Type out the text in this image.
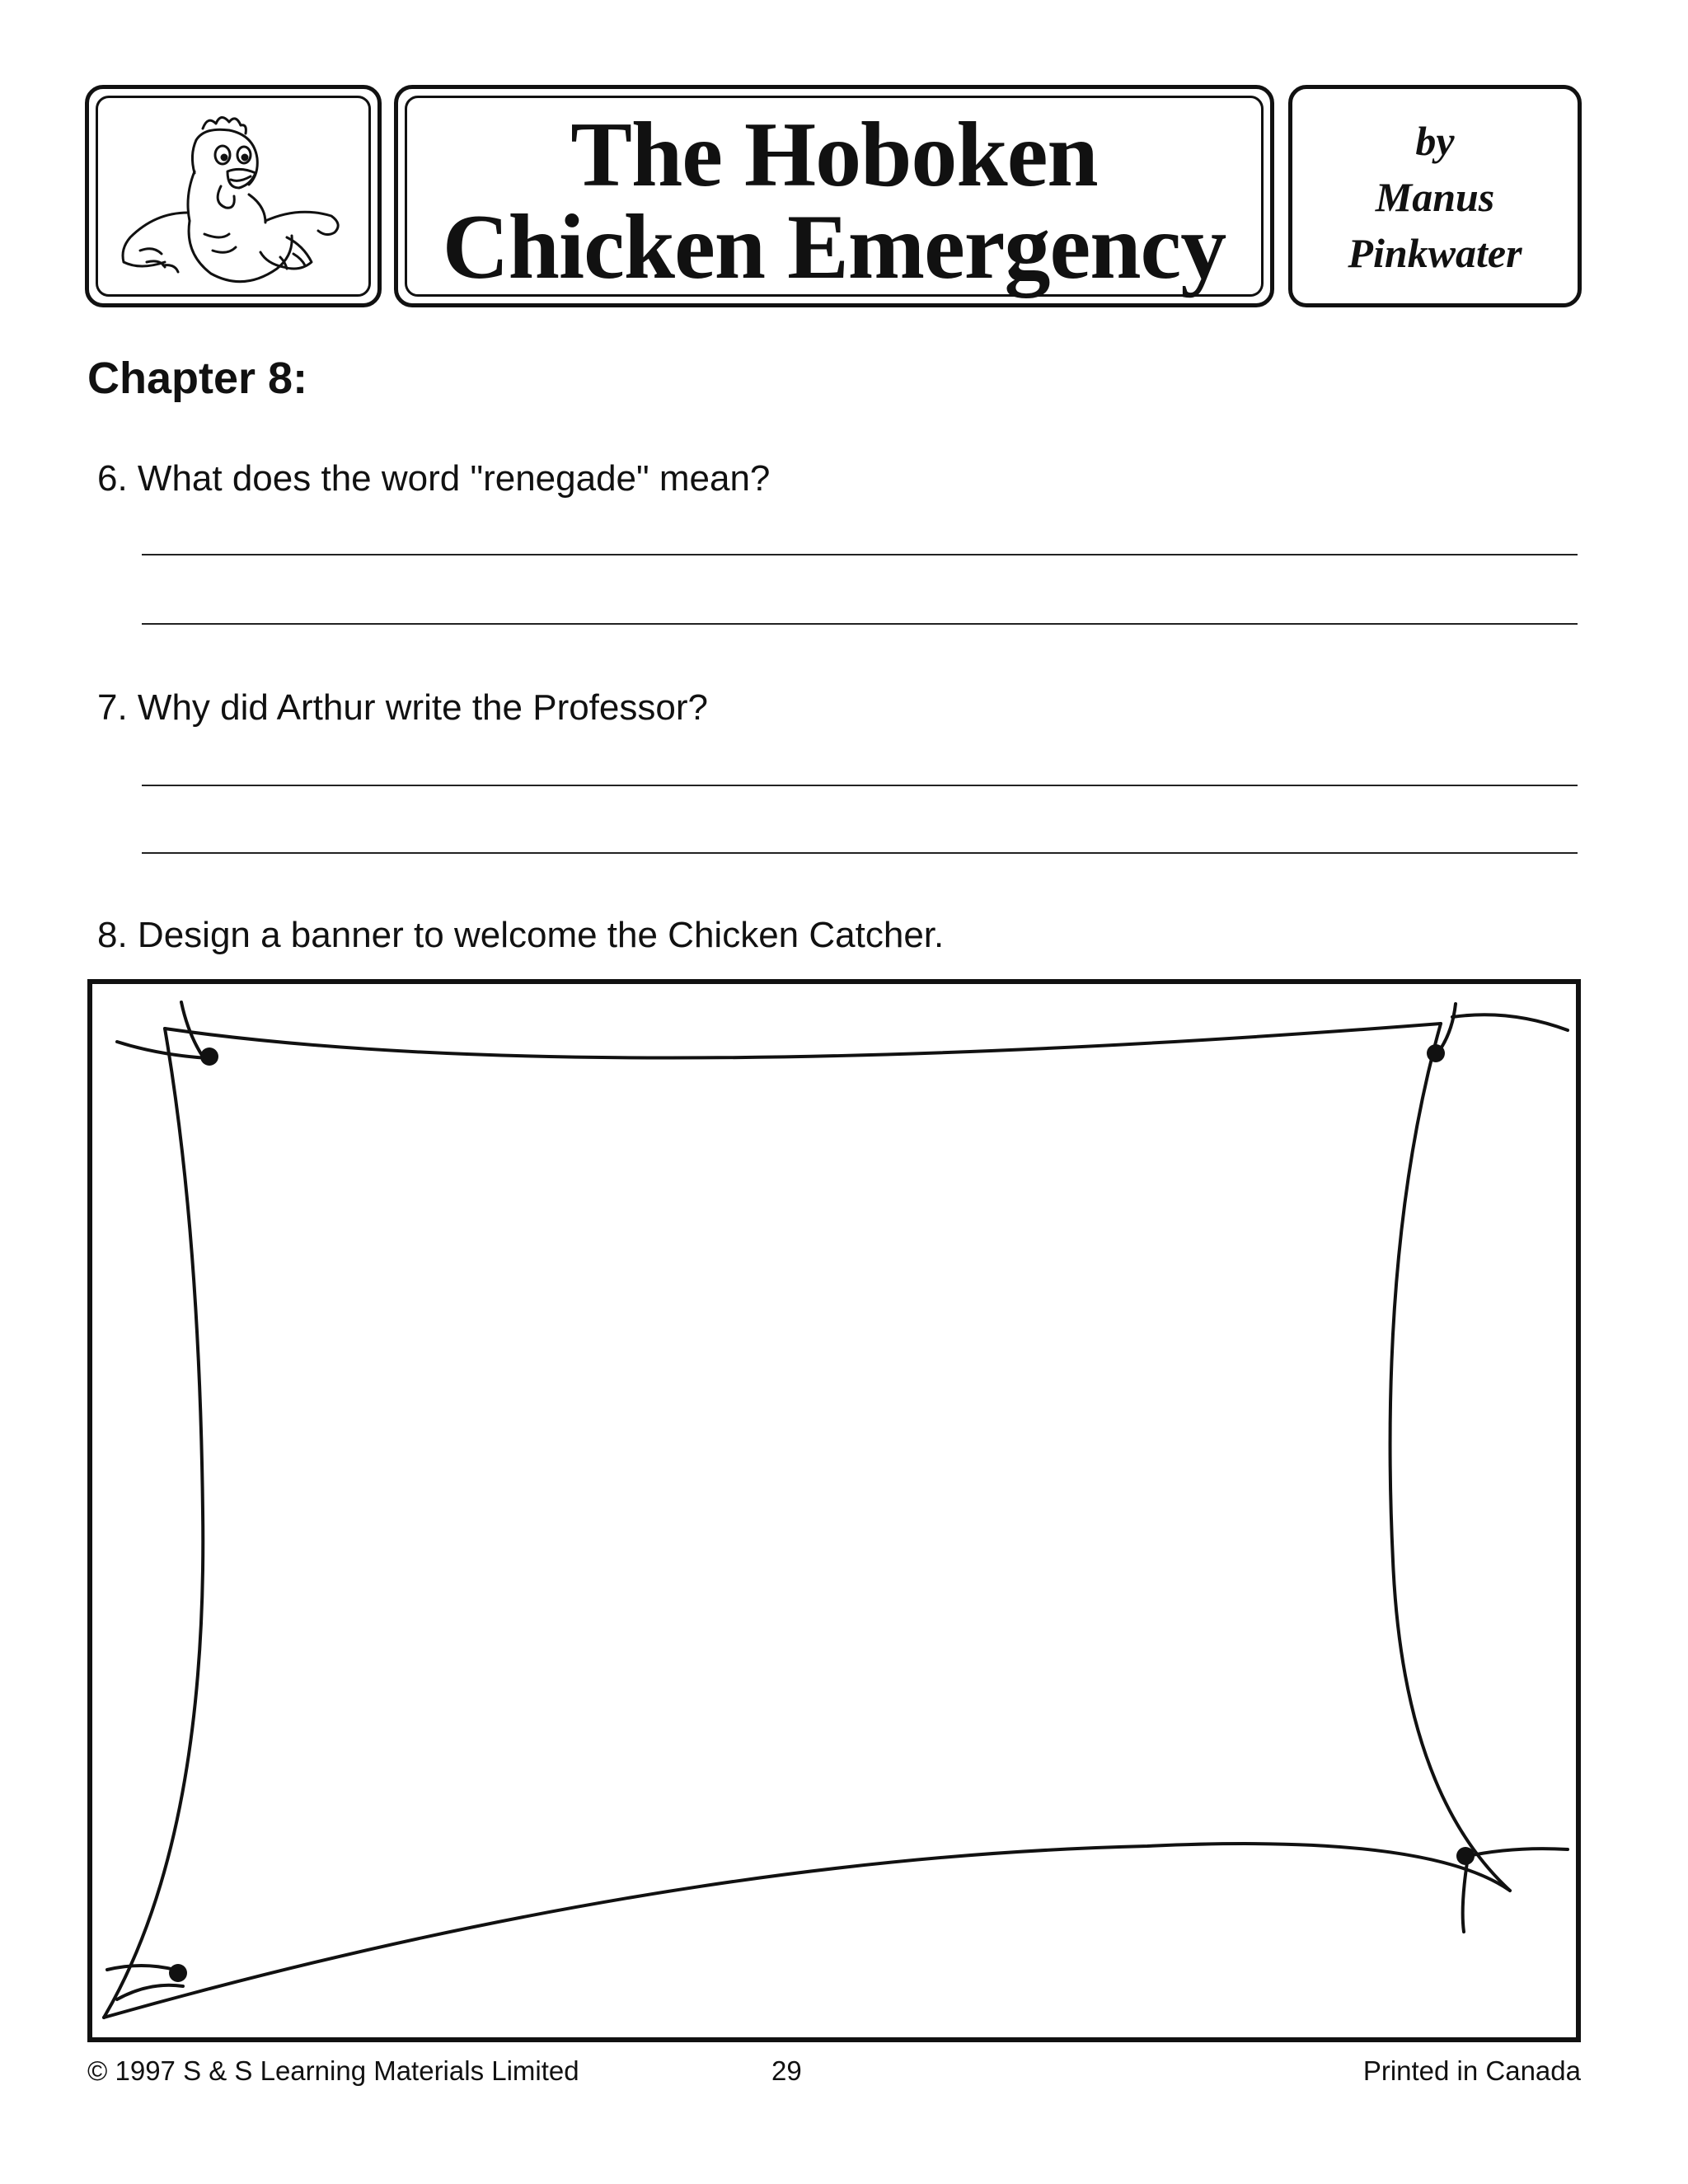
The Hoboken
Chicken Emergency
by
Manus
Pinkwater
Chapter 8:
6. What does the word "renegade" mean?
7. Why did Arthur write the Professor?
8. Design a banner to welcome the Chicken Catcher.
© 1997 S & S Learning Materials Limited	29	Printed in Canada
